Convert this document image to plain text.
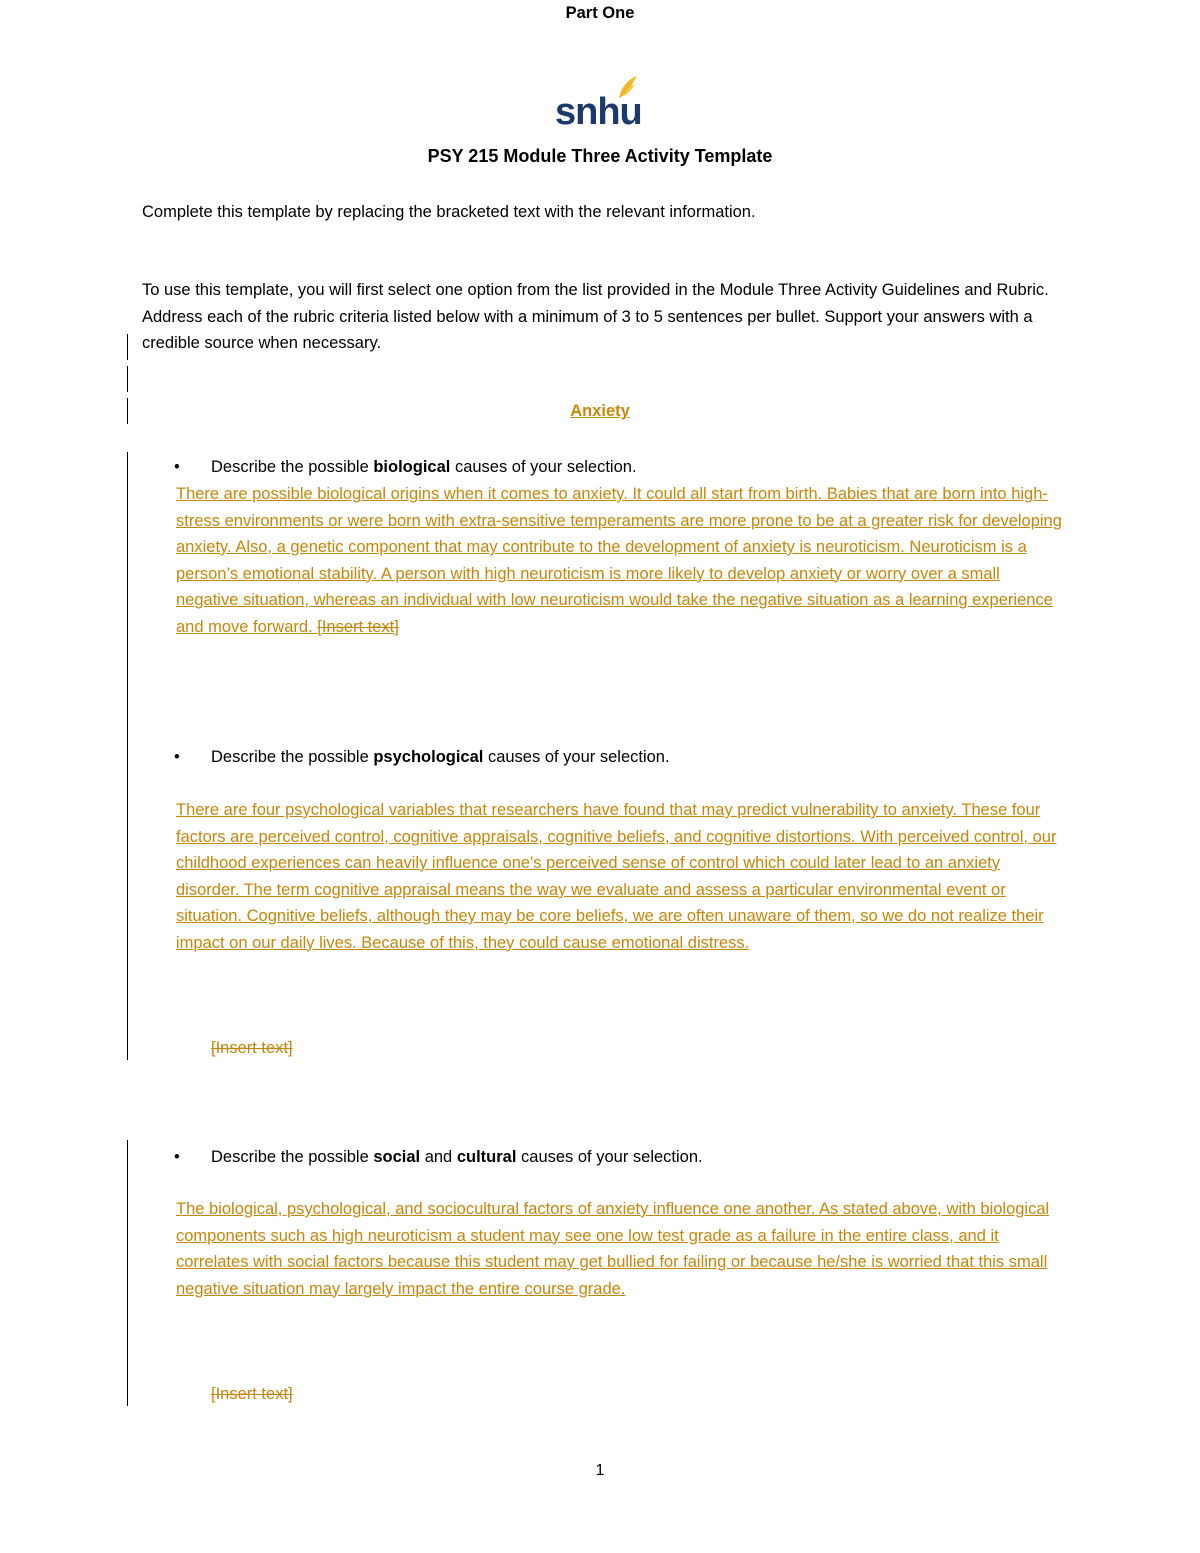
snhu
PSY 215 Module Three Activity Template

Complete this template by replacing the bracketed text with the relevant information.

Part One

To use this template, you will first select one option from the list provided in the Module Three Activity Guidelines and Rubric. Address each of the rubric criteria listed below with a minimum of 3 to 5 sentences per bullet. Support your answers with a credible source when necessary.

Anxiety
• Describe the possible biological causes of your selection.

There are possible biological origins when it comes to anxiety. It could all start from birth. Babies that are born into high-stress environments or were born with extra-sensitive temperaments are more prone to be at a greater risk for developing anxiety. Also, a genetic component that may contribute to the development of anxiety is neuroticism. Neuroticism is a person’s emotional stability. A person with high neuroticism is more likely to develop anxiety or worry over a small negative situation, whereas an individual with low neuroticism would take the negative situation as a learning experience and move forward. [Insert text]

• Describe the possible psychological causes of your selection.

There are four psychological variables that researchers have found that may predict vulnerability to anxiety. These four factors are perceived control, cognitive appraisals, cognitive beliefs, and cognitive distortions. With perceived control, our childhood experiences can heavily influence one's perceived sense of control which could later lead to an anxiety disorder. The term cognitive appraisal means the way we evaluate and assess a particular environmental event or situation. Cognitive beliefs, although they may be core beliefs, we are often unaware of them, so we do not realize their impact on our daily lives. Because of this, they could cause emotional distress.

[Insert text]
• Describe the possible social and cultural causes of your selection.

The biological, psychological, and sociocultural factors of anxiety influence one another. As stated above, with biological components such as high neuroticism a student may see one low test grade as a failure in the entire class, and it correlates with social factors because this student may get bullied for failing or because he/she is worried that this small negative situation may largely impact the entire course grade.

[Insert text]
1
